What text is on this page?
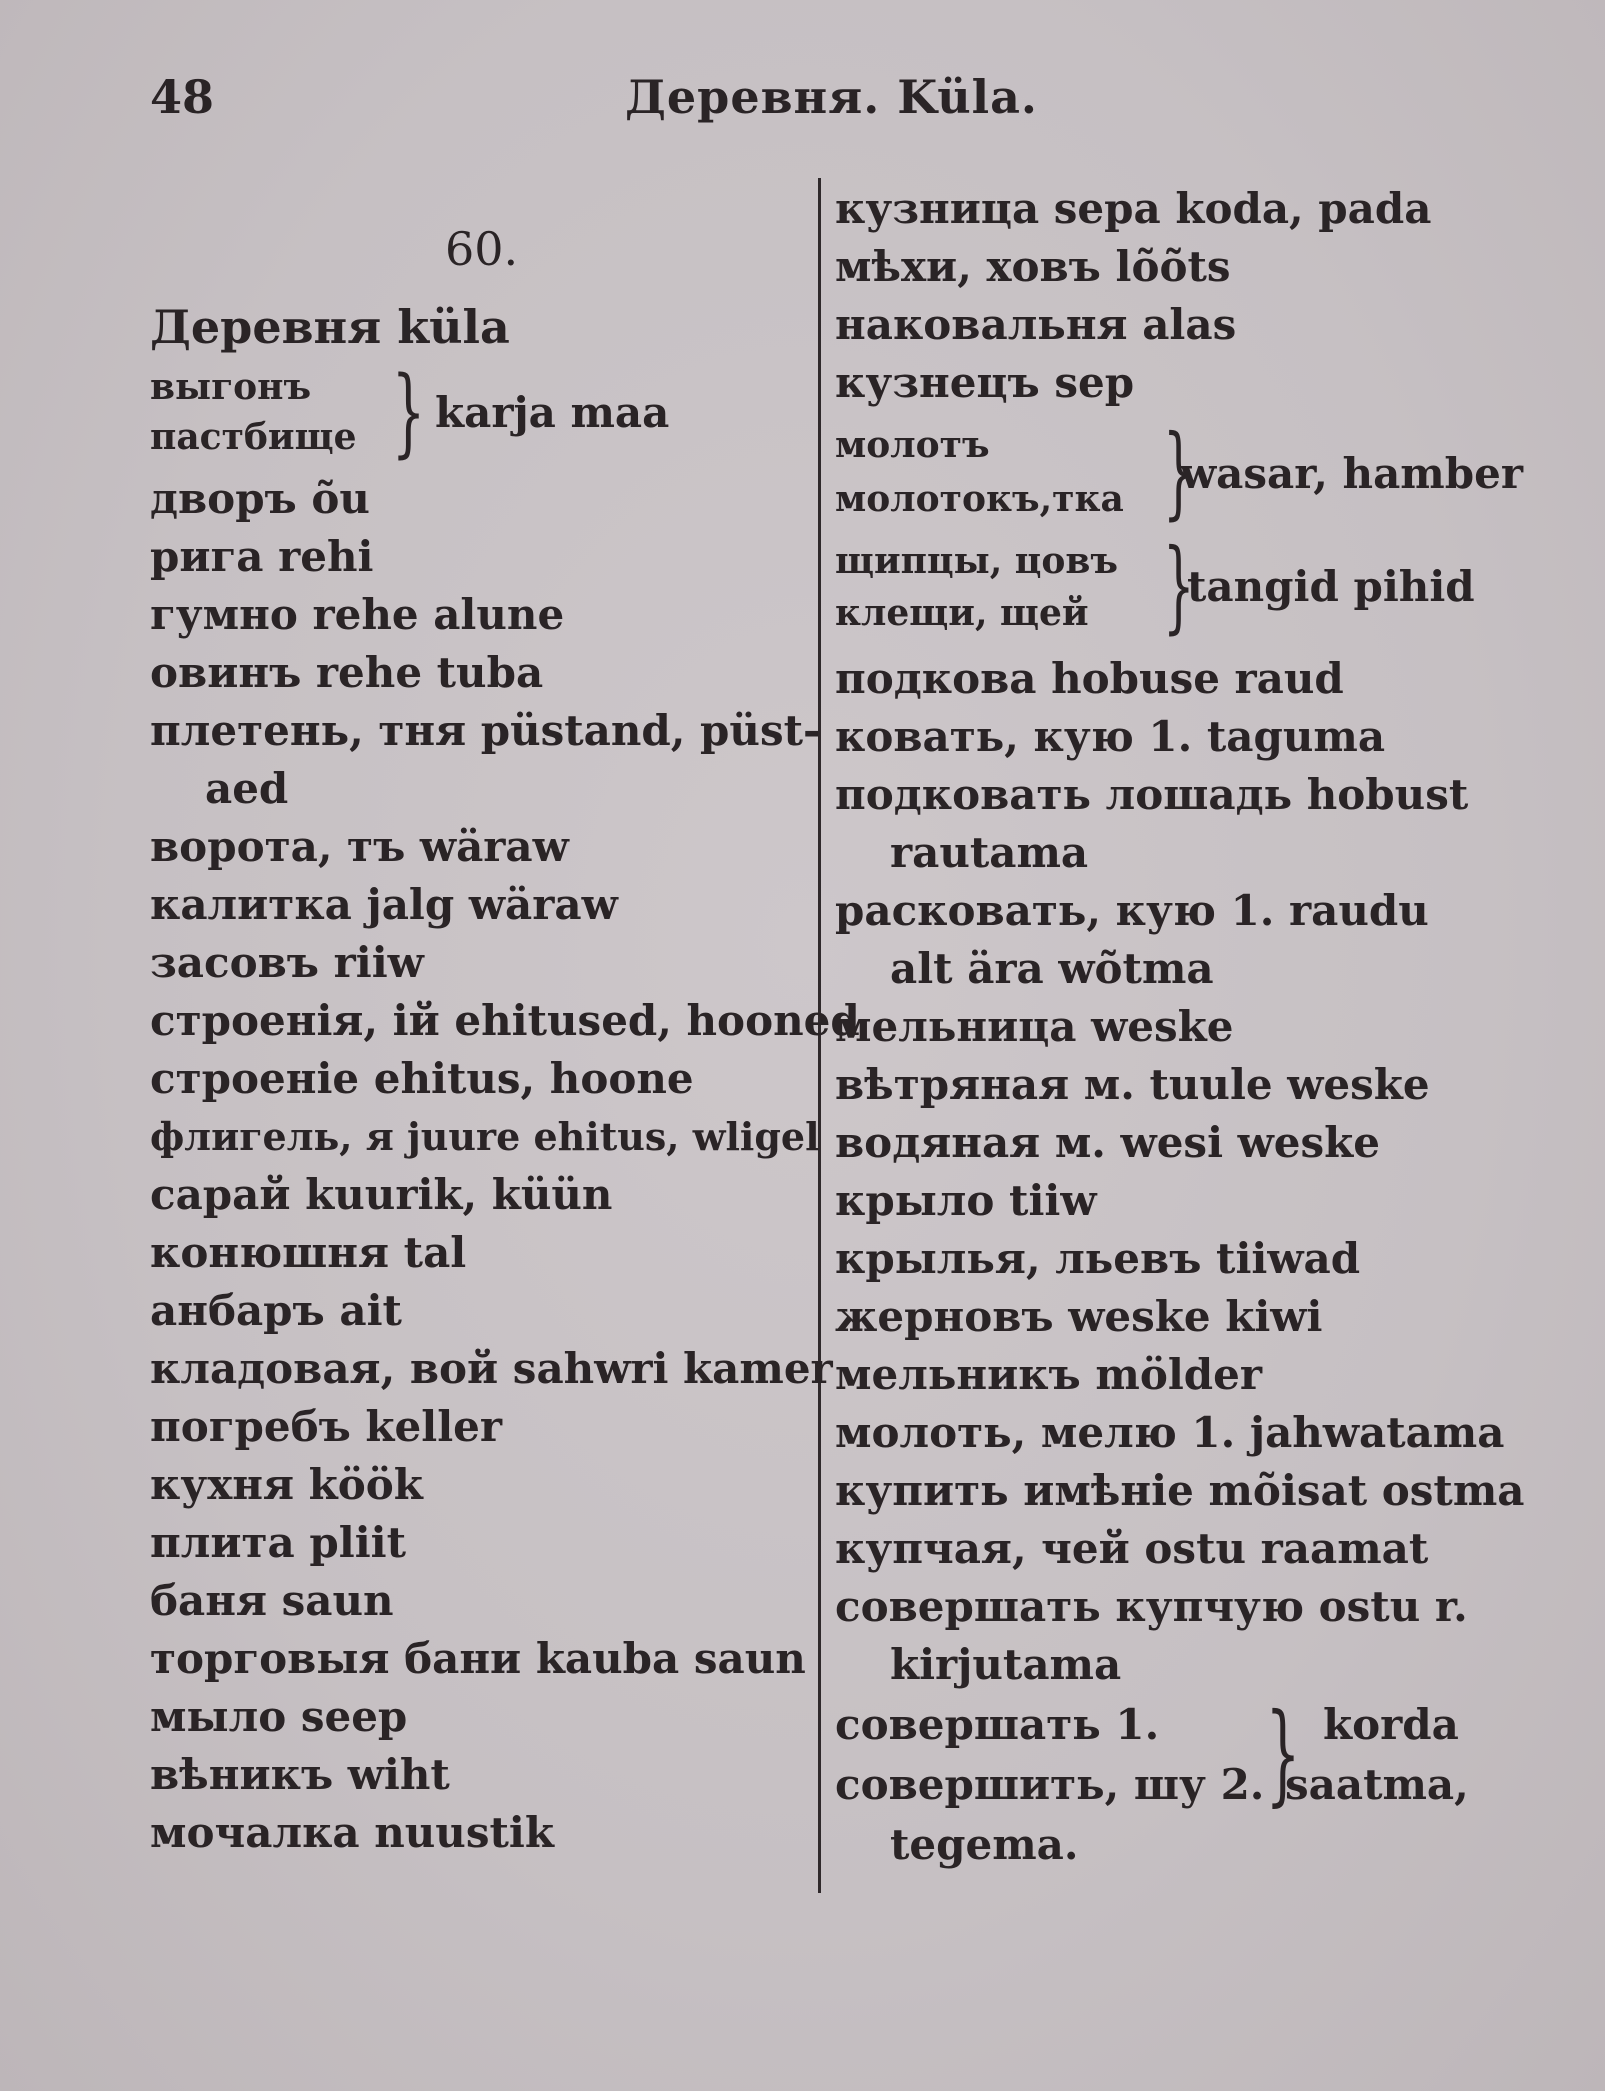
48	Деревня. Küla.
60.
Деревня küla
выгонъ
пастбище } karja maa
дворъ õu
рига rehi
гумно rehe alune
овинъ rehe tuba
плетень, тня püstand, püst-
aed
ворота, тъ wäraw
калитка jalg wäraw
засовъ riiw
строенія, ій ehitused, hooned
строеніе ehitus, hoone
флигель, я juure ehitus, wligel
сарай kuurik, küün
конюшня tal
анбаръ ait
кладовая, вой sahwri kamer
погребъ keller
кухня köök
плита pliit
баня saun
торговыя бани kauba saun
мыло seep
вѣникъ wiht
мочалка nuustik
кузница sepa koda, pada
мѣхи, ховъ lõõts
наковальня alas
кузнецъ sep
молотъ
молотокъ,тка }
wasar, hamber
щипцы, цовъ
клещи, щей }
tangid pihid
подкова hobuse raud
ковать, кую 1. taguma
подковать лошадь hobust
rautama
расковать, кую 1. raudu
alt ära wõtma
мельница weske
вѣтряная м. tuule weske
водяная м. wesi weske
крыло tiiw
крылья, льевъ tiiwad
жерновъ weske kiwi
мельникъ mölder
молоть, мелю 1. jahwatama
купить имѣніе mõisat ostma
купчая, чей ostu raamat
совершать купчую ostu r.
kirjutama
совершать 1.
совершить, шу 2. } korda
saatma,
tegema.
